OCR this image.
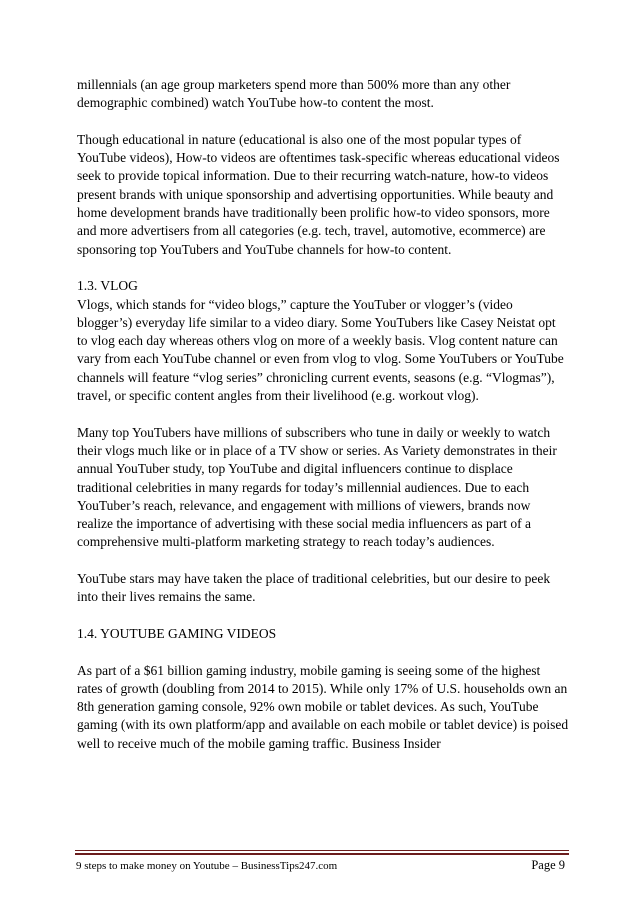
millennials (an age group marketers spend more than 500% more than any other demographic combined) watch YouTube how-to content the most.

Though educational in nature (educational is also one of the most popular types of YouTube videos), How-to videos are oftentimes task-specific whereas educational videos seek to provide topical information. Due to their recurring watch-nature, how-to videos present brands with unique sponsorship and advertising opportunities. While beauty and home development brands have traditionally been prolific how-to video sponsors, more and more advertisers from all categories (e.g. tech, travel, automotive, ecommerce) are sponsoring top YouTubers and YouTube channels for how-to content.

1.3. VLOG
Vlogs, which stands for “video blogs,” capture the YouTuber or vlogger’s (video blogger’s) everyday life similar to a video diary. Some YouTubers like Casey Neistat opt to vlog each day whereas others vlog on more of a weekly basis. Vlog content nature can vary from each YouTube channel or even from vlog to vlog. Some YouTubers or YouTube channels will feature “vlog series” chronicling current events, seasons (e.g. “Vlogmas”), travel, or specific content angles from their livelihood (e.g. workout vlog).

Many top YouTubers have millions of subscribers who tune in daily or weekly to watch their vlogs much like or in place of a TV show or series. As Variety demonstrates in their annual YouTuber study, top YouTube and digital influencers continue to displace traditional celebrities in many regards for today’s millennial audiences. Due to each YouTuber’s reach, relevance, and engagement with millions of viewers, brands now realize the importance of advertising with these social media influencers as part of a comprehensive multi-platform marketing strategy to reach today’s audiences.

YouTube stars may have taken the place of traditional celebrities, but our desire to peek into their lives remains the same.

1.4. YOUTUBE GAMING VIDEOS

As part of a $61 billion gaming industry, mobile gaming is seeing some of the highest rates of growth (doubling from 2014 to 2015). While only 17% of U.S. households own an 8th generation gaming console, 92% own mobile or tablet devices. As such, YouTube gaming (with its own platform/app and available on each mobile or tablet device) is poised well to receive much of the mobile gaming traffic. Business Insider

9 steps to make money on Youtube – BusinessTips247.com	Page 9
